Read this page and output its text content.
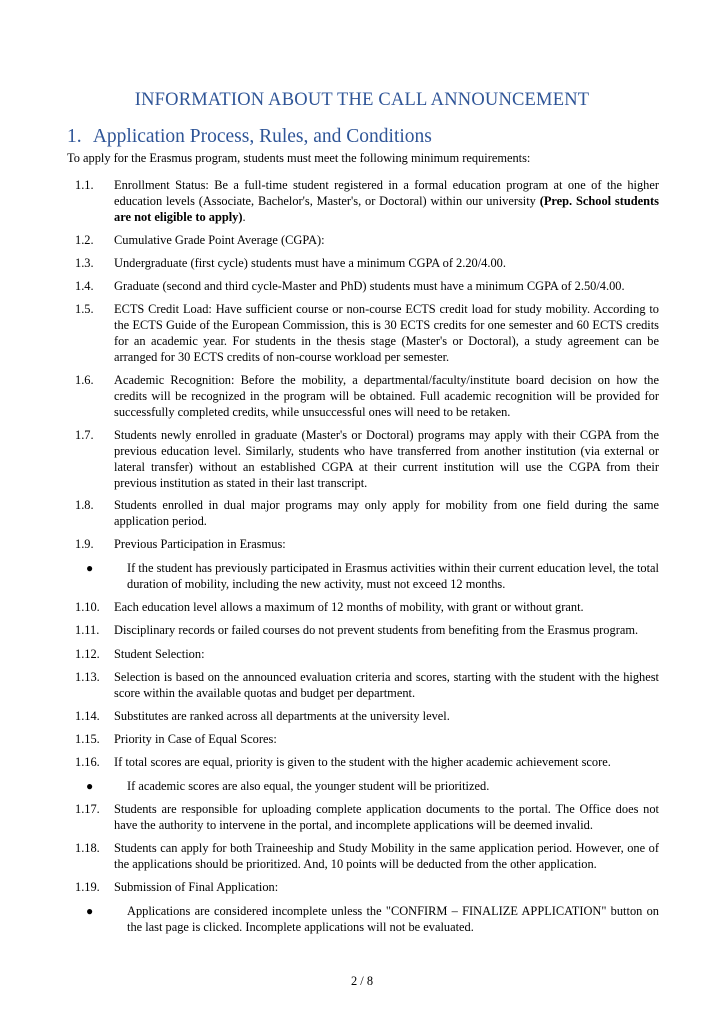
INFORMATION ABOUT THE CALL ANNOUNCEMENT
1. Application Process, Rules, and Conditions
To apply for the Erasmus program, students must meet the following minimum requirements:
1.1. Enrollment Status: Be a full-time student registered in a formal education program at one of the higher education levels (Associate, Bachelor's, Master's, or Doctoral) within our university (Prep. School students are not eligible to apply).
1.2. Cumulative Grade Point Average (CGPA):
1.3. Undergraduate (first cycle) students must have a minimum CGPA of 2.20/4.00.
1.4. Graduate (second and third cycle-Master and PhD) students must have a minimum CGPA of 2.50/4.00.
1.5. ECTS Credit Load: Have sufficient course or non-course ECTS credit load for study mobility. According to the ECTS Guide of the European Commission, this is 30 ECTS credits for one semester and 60 ECTS credits for an academic year. For students in the thesis stage (Master's or Doctoral), a study agreement can be arranged for 30 ECTS credits of non-course workload per semester.
1.6. Academic Recognition: Before the mobility, a departmental/faculty/institute board decision on how the credits will be recognized in the program will be obtained. Full academic recognition will be provided for successfully completed credits, while unsuccessful ones will need to be retaken.
1.7. Students newly enrolled in graduate (Master's or Doctoral) programs may apply with their CGPA from the previous education level. Similarly, students who have transferred from another institution (via external or lateral transfer) without an established CGPA at their current institution will use the CGPA from their previous institution as stated in their last transcript.
1.8. Students enrolled in dual major programs may only apply for mobility from one field during the same application period.
1.9. Previous Participation in Erasmus:
●	If the student has previously participated in Erasmus activities within their current education level, the total duration of mobility, including the new activity, must not exceed 12 months.
1.10. Each education level allows a maximum of 12 months of mobility, with grant or without grant.
1.11. Disciplinary records or failed courses do not prevent students from benefiting from the Erasmus program.
1.12. Student Selection:
1.13. Selection is based on the announced evaluation criteria and scores, starting with the student with the highest score within the available quotas and budget per department.
1.14. Substitutes are ranked across all departments at the university level.
1.15. Priority in Case of Equal Scores:
1.16. If total scores are equal, priority is given to the student with the higher academic achievement score.
●	If academic scores are also equal, the younger student will be prioritized.
1.17. Students are responsible for uploading complete application documents to the portal. The Office does not have the authority to intervene in the portal, and incomplete applications will be deemed invalid.
1.18. Students can apply for both Traineeship and Study Mobility in the same application period. However, one of the applications should be prioritized. And, 10 points will be deducted from the other application.
1.19. Submission of Final Application:
●	Applications are considered incomplete unless the "CONFIRM – FINALIZE APPLICATION" button on the last page is clicked. Incomplete applications will not be evaluated.
2 / 8
